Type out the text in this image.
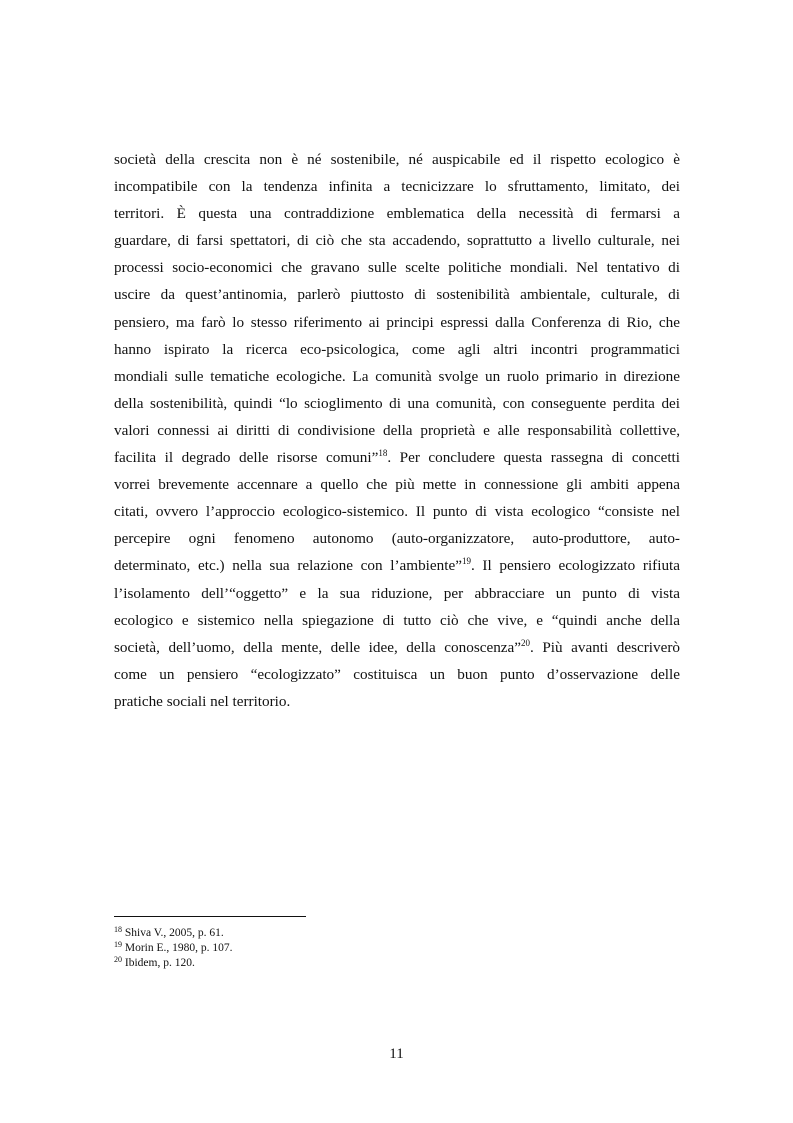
società della crescita non è né sostenibile, né auspicabile ed il rispetto ecologico è
incompatibile con la tendenza infinita a tecnicizzare lo sfruttamento, limitato, dei
territori. È questa una contraddizione emblematica della necessità di fermarsi a
guardare, di farsi spettatori, di ciò che sta accadendo, soprattutto a livello culturale, nei
processi socio-economici che gravano sulle scelte politiche mondiali. Nel tentativo di
uscire da quest’antinomia, parlerò piuttosto di sostenibilità ambientale, culturale, di
pensiero, ma farò lo stesso riferimento ai principi espressi dalla Conferenza di Rio, che
hanno ispirato la ricerca eco-psicologica, come agli altri incontri programmatici
mondiali sulle tematiche ecologiche. La comunità svolge un ruolo primario in direzione
della sostenibilità, quindi “lo scioglimento di una comunità, con conseguente perdita dei
valori connessi ai diritti di condivisione della proprietà e alle responsabilità collettive,
facilita il degrado delle risorse comuni”$^{18}$. Per concludere questa rassegna di concetti
vorrei brevemente accennare a quello che più mette in connessione gli ambiti appena
citati, ovvero l’approccio ecologico-sistemico. Il punto di vista ecologico “consiste nel
percepire ogni fenomeno autonomo (auto-organizzatore, auto-produttore, auto-
determinato, etc.) nella sua relazione con l’ambiente”$^{19}$. Il pensiero ecologizzato rifiuta
l’isolamento dell’“oggetto” e la sua riduzione, per abbracciare un punto di vista
ecologico e sistemico nella spiegazione di tutto ciò che vive, e “quindi anche della
società, dell’uomo, della mente, delle idee, della conoscenza”$^{20}$. Più avanti descriverò
come un pensiero “ecologizzato” costituisca un buon punto d’osservazione delle
pratiche sociali nel territorio.
$^{18}$ Shiva V., 2005, p. 61.
$^{19}$ Morin E., 1980, p. 107.
$^{20}$ Ibidem, p. 120.
11
